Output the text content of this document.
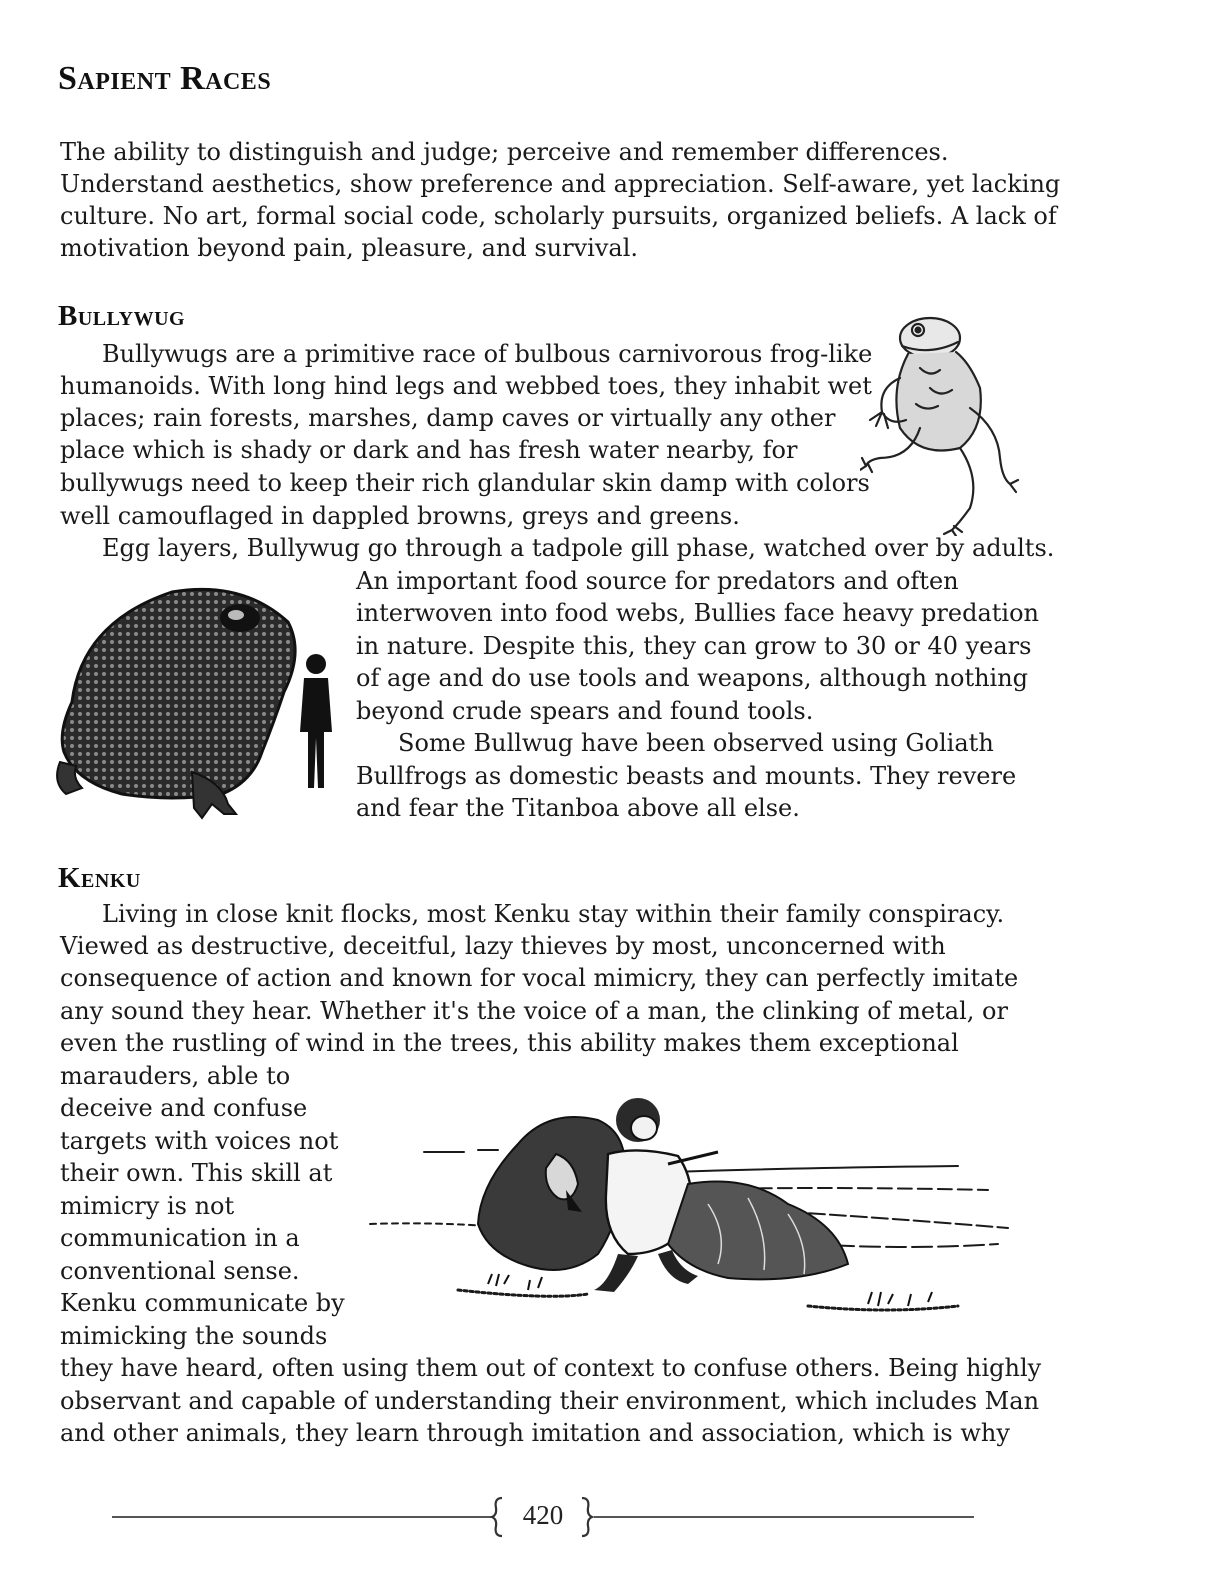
Sapient Races
The ability to distinguish and judge; perceive and remember differences.
Understand aesthetics, show preference and appreciation. Self-aware, yet lacking
culture. No art, formal social code, scholarly pursuits, organized beliefs. A lack of
motivation beyond pain, pleasure, and survival.
Bullywug
Bullywugs are a primitive race of bulbous carnivorous frog-like
humanoids. With long hind legs and webbed toes, they inhabit wet
places; rain forests, marshes, damp caves or virtually any other
place which is shady or dark and has fresh water nearby, for
bullywugs need to keep their rich glandular skin damp with colors
well camouflaged in dappled browns, greys and greens.
Egg layers, Bullywug go through a tadpole gill phase, watched over by adults.
An important food source for predators and often
interwoven into food webs, Bullies face heavy predation
in nature. Despite this, they can grow to 30 or 40 years
of age and do use tools and weapons, although nothing
beyond crude spears and found tools.
Some Bullwug have been observed using Goliath
Bullfrogs as domestic beasts and mounts. They revere
and fear the Titanboa above all else.
Kenku
Living in close knit flocks, most Kenku stay within their family conspiracy.
Viewed as destructive, deceitful, lazy thieves by most, unconcerned with
consequence of action and known for vocal mimicry, they can perfectly imitate
any sound they hear. Whether it's the voice of a man, the clinking of metal, or
even the rustling of wind in the trees, this ability makes them exceptional
marauders, able to
deceive and confuse
targets with voices not
their own. This skill at
mimicry is not
communication in a
conventional sense.
Kenku communicate by
mimicking the sounds
they have heard, often using them out of context to confuse others. Being highly
observant and capable of understanding their environment, which includes Man
and other animals, they learn through imitation and association, which is why
420
